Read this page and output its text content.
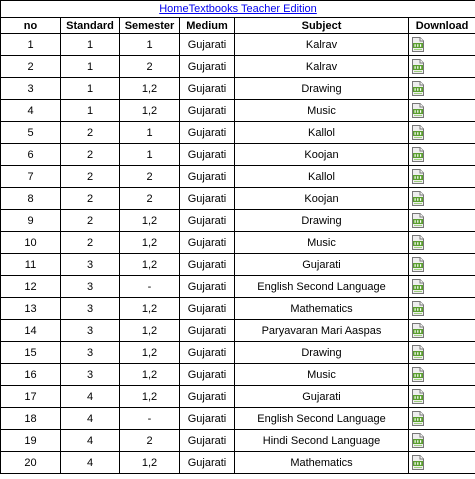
HomeTextbooks Teacher Edition					
no	Standard	Semester	Medium	Subject	Download
1	1	1	Gujarati	Kalrav	

2	1	2	Gujarati	Kalrav	

3	1	1,2	Gujarati	Drawing	

4	1	1,2	Gujarati	Music	

5	2	1	Gujarati	Kallol	

6	2	1	Gujarati	Koojan	

7	2	2	Gujarati	Kallol	

8	2	2	Gujarati	Koojan	

9	2	1,2	Gujarati	Drawing	

10	2	1,2	Gujarati	Music	

11	3	1,2	Gujarati	Gujarati	

12	3	-	Gujarati	English Second Language	

13	3	1,2	Gujarati	Mathematics	

14	3	1,2	Gujarati	Paryavaran Mari Aaspas	

15	3	1,2	Gujarati	Drawing	

16	3	1,2	Gujarati	Music	

17	4	1,2	Gujarati	Gujarati	

18	4	-	Gujarati	English Second Language	

19	4	2	Gujarati	Hindi Second Language	

20	4	1,2	Gujarati	Mathematics	
